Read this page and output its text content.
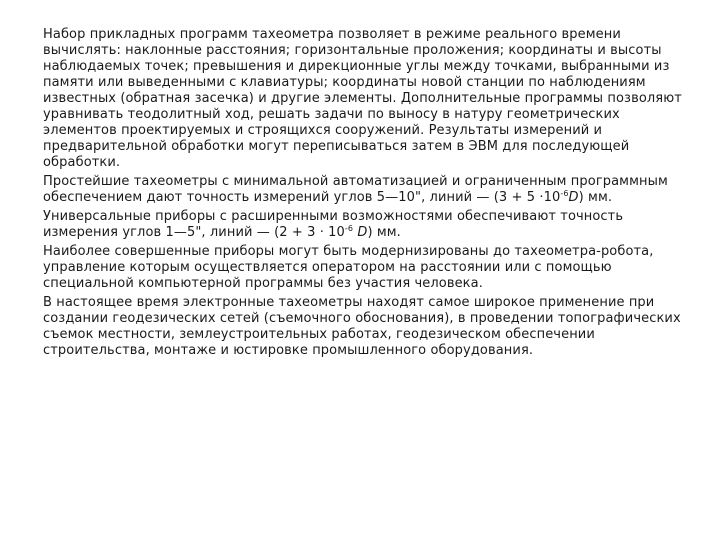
Набор прикладных программ тахеометра позволяет в режиме реального времени вычислять: наклонные расстояния; горизонтальные проложения; координаты и высоты наблюдаемых точек; превышения и дирекционные углы между точками, выбранными из памяти или выведенными с клавиатуры; координаты новой станции по наблюдениям известных (обратная засечка) и другие элементы. Дополнительные программы позволяют уравнивать теодолитный ход, решать задачи по выносу в натуру геометрических элементов проектируемых и строящихся сооружений. Результаты измерений и предварительной обработки могут переписываться затем в ЭВМ для последующей обработки.

Простейшие тахеометры с минимальной автоматизацией и ограниченным программным обеспечением дают точность измерений углов 5—10", линий — $(3 + 5 \cdot 10^{-6}D)$ мм.

Универсальные приборы с расширенными возможностями обеспечивают точность измерения углов 1—5", линий — ($2 + 3 \cdot 10^{-6}$ D) мм.

Наиболее совершенные приборы могут быть модернизированы до тахеометра-робота, управление которым осуществляется оператором на расстоянии или с помощью специальной компьютерной программы без участия человека.

В настоящее время электронные тахеометры находят самое широкое применение при создании геодезических сетей (съемочного обоснования), в проведении топографических съемок местности, землеустроительных работах, геодезическом обеспечении строительства, монтаже и юстировке промышленного оборудования.
